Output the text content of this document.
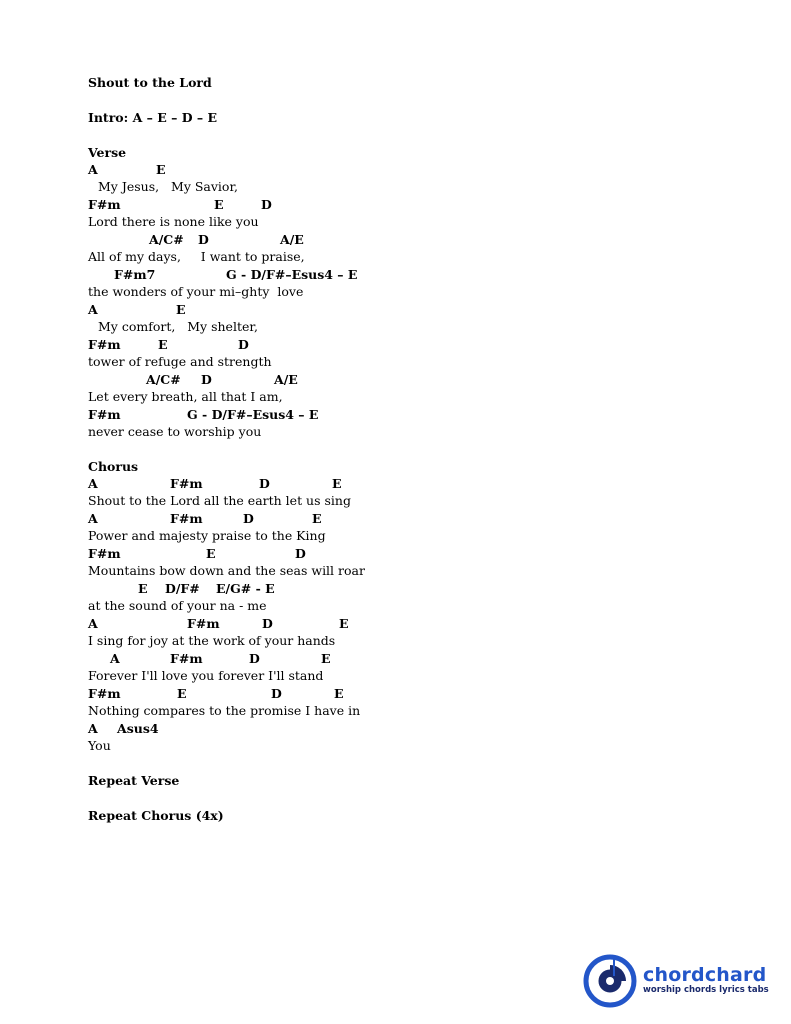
Shout to the Lord
Intro: A – E – D – E
Verse
A	E
My Jesus,   My Savior,
F#m	E	D
Lord there is none like you
A/C# D	A/E
All of my days,     I want to praise,
F#m7	G - D/F#–Esus4 – E
the wonders of your mi–ghty  love
A	E
My comfort,   My shelter,
F#m	E	D
tower of refuge and strength
A/C# D	A/E
Let every breath, all that I am,
F#m	G - D/F#–Esus4 – E
never cease to worship you
Chorus
A	F#m	D	E
Shout to the Lord all the earth let us sing
A	F#m	D	E
Power and majesty praise to the King
F#m	E	D
Mountains bow down and the seas will roar
E D/F# E/G# - E
at the sound of your na - me
A	F#m	D	E
I sing for joy at the work of your hands
A	F#m	D	E
Forever I'll love you forever I'll stand
F#m	E	D	E
Nothing compares to the promise I have in
A Asus4
You
Repeat Verse
Repeat Chorus (4x)
chordchard
worship chords lyrics tabs
